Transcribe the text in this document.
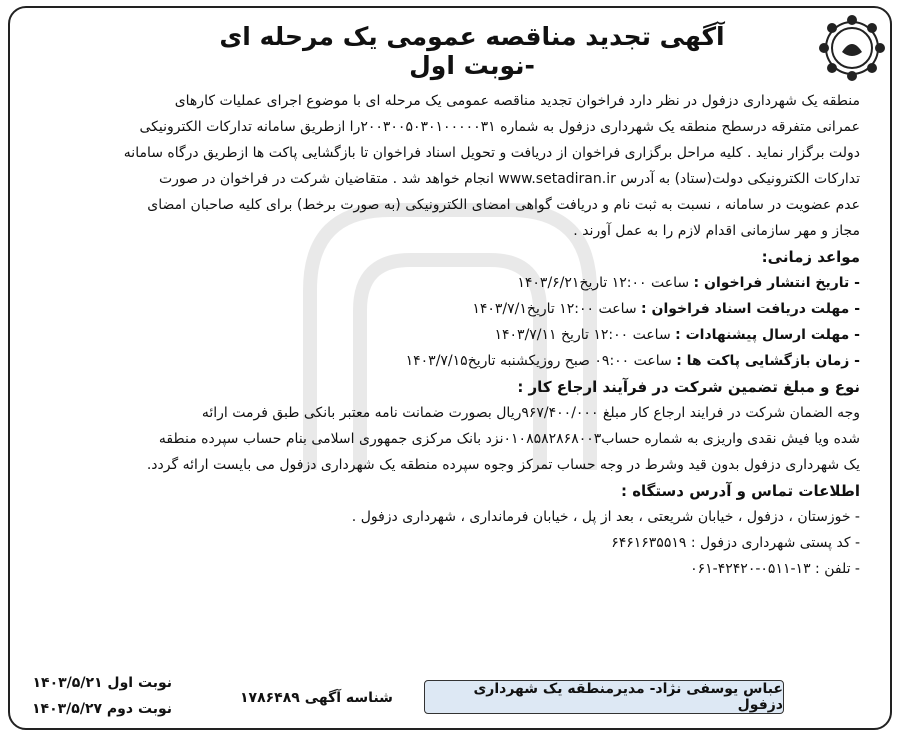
آگهی تجدید مناقصه عمومی یک مرحله ای -نوبت اول

منطقه یک شهرداری دزفول در نظر دارد فراخوان تجدید مناقصه عمومی یک مرحله ای با موضوع اجرای عملیات کارهای
عمرانی متفرقه درسطح منطقه یک شهرداری دزفول به شماره ۲۰۰۳۰۰۵۰۳۰۱۰۰۰۰۰۳۱را ازطریق سامانه تدارکات الکترونیکی
دولت برگزار نماید . کلیه مراحل برگزاری فراخوان از دریافت و تحویل اسناد فراخوان تا بازگشایی پاکت ها ازطریق درگاه سامانه
تدارکات الکترونیکی دولت(ستاد) به آدرس www.setadiran.ir انجام خواهد شد . متقاضیان شرکت در فراخوان در صورت
عدم عضویت در سامانه ، نسبت به ثبت نام و دریافت گواهی امضای الکترونیکی (به صورت برخط) برای کلیه صاحبان امضای
مجاز و مهر سازمانی اقدام لازم را به عمل آورند .

مواعد زمانی:
- تاریخ انتشار فراخوان : ساعت ۱۲:۰۰ تاریخ۱۴۰۳/۶/۲۱
- مهلت دریافت اسناد فراخوان : ساعت ۱۲:۰۰ تاریخ۱۴۰۳/۷/۱
- مهلت ارسال پیشنهادات : ساعت ۱۲:۰۰ تاریخ ۱۴۰۳/۷/۱۱
- زمان بازگشایی پاکت ها : ساعت ۰۹:۰۰ صبح روزیکشنبه تاریخ۱۴۰۳/۷/۱۵
نوع و مبلغ تضمین شرکت در فرآیند ارجاع کار :
وجه الضمان شرکت در فرایند ارجاع کار مبلغ ۹۶۷/۴۰۰/۰۰۰ریال بصورت ضمانت نامه معتبر بانکی طبق فرمت ارائه
شده ویا فیش نقدی واریزی به شماره حساب۰۱۰۸۵۸۲۸۶۸۰۰۳نزد بانک مرکزی جمهوری اسلامی بنام حساب سپرده منطقه
یک شهرداری دزفول بدون قید وشرط در وجه حساب تمرکز وجوه سپرده منطقه یک شهرداری دزفول می بایست ارائه گردد.
اطلاعات تماس و آدرس دستگاه :
- خوزستان ، دزفول ، خیابان شریعتی ، بعد از پل ، خیابان فرمانداری ، شهرداری دزفول .
- کد پستی شهرداری دزفول : ۶۴۶۱۶۳۵۵۱۹
- تلفن : ۱۳-۰۵۱۱-۴۲۴۲۰-۰۶۱
عباس یوسفی نژاد- مدیرمنطقه یک شهرداری دزفول
شناسه آگهی ۱۷۸۶۴۸۹
نوبت اول ۱۴۰۳/۵/۲۱
نوبت دوم ۱۴۰۳/۵/۲۷
